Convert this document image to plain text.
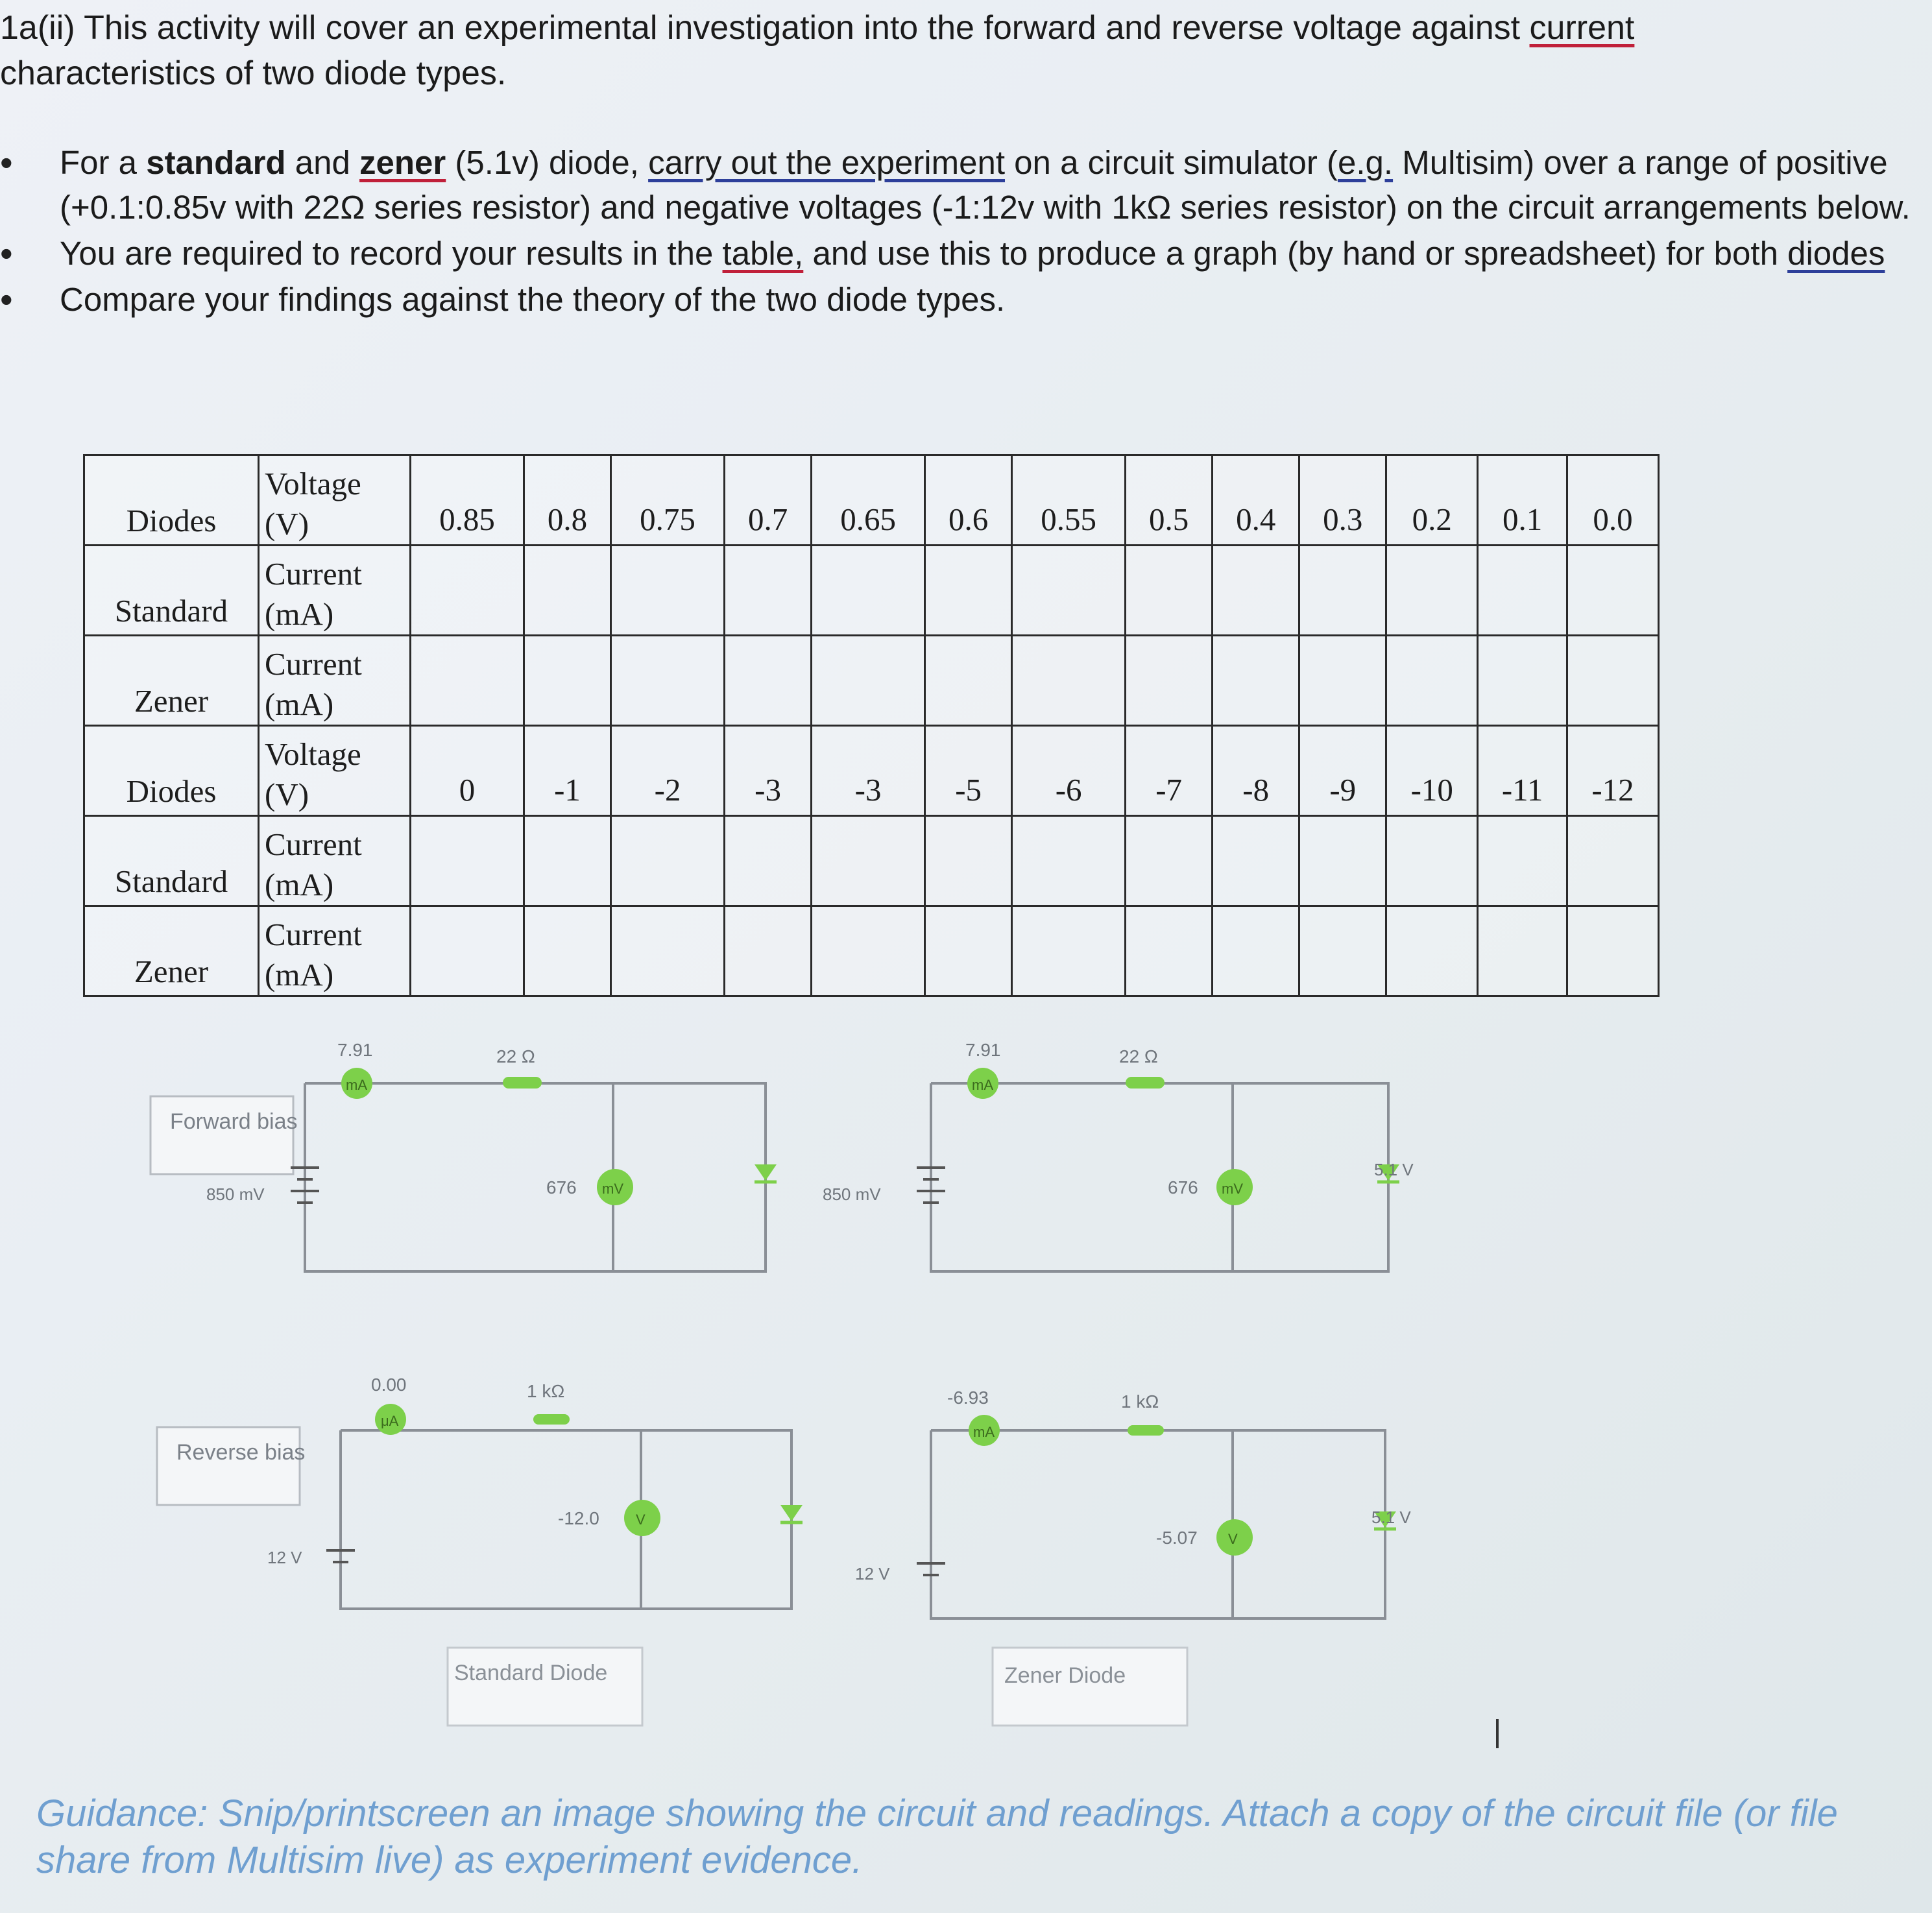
1a(ii) This activity will cover an experimental investigation into the forward and reverse voltage against current
characteristics of two diode types.
• For a standard and zener (5.1v) diode, carry out the experiment on a circuit simulator (e.g. Multisim) over a range of positive (+0.1:0.85v with 22Ω series resistor) and negative voltages (-1:12v with 1kΩ series resistor) on the circuit arrangements below.
• You are required to record your results in the table, and use this to produce a graph (by hand or spreadsheet) for both diodes
• Compare your findings against the theory of the two diode types.
Diodes	Voltage (V)	0.85	0.8	0.75	0.7	0.65	0.6	0.55	0.5	0.4	0.3	0.2	0.1	0.0
Standard	Current (mA)													
Zener	Current (mA)													
Diodes	Voltage (V)	0	-1	-2	-3	-3	-5	-6	-7	-8	-9	-10	-11	-12
Standard	Current (mA)													
Zener	Current (mA)													
Forward bias
850 mV
7.91
mA
22 Ω
676 mV	850 mV
7.91
mA
22 Ω
676 mV
5.1 V
Reverse bias
12 V
0.00
μA
1 kΩ
-12.0	V
12 V
-6.93
mA
1 kΩ
-5.07 V
5.1 V
Standard Diode	Zener Diode
Guidance: Snip/printscreen an image showing the circuit and readings. Attach a copy of the circuit file (or file share from Multisim live) as experiment evidence.
